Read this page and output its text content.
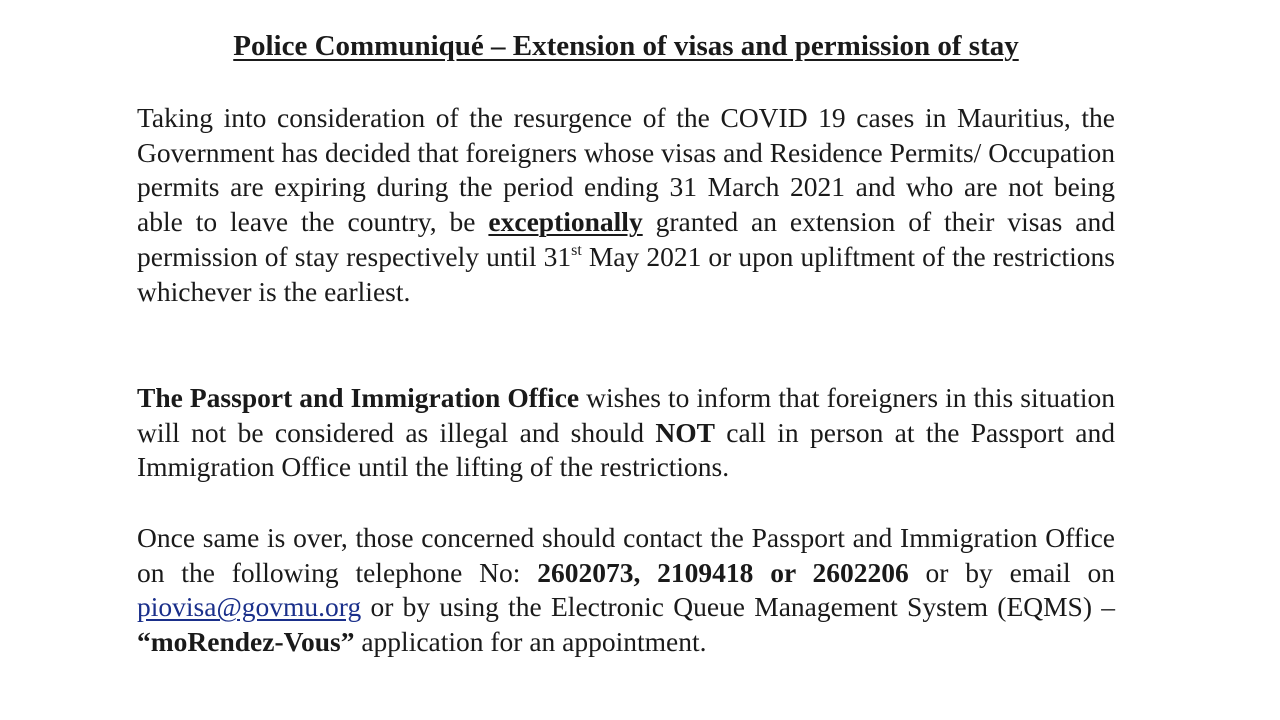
Police Communiqué – Extension of visas and permission of stay

Taking into consideration of the resurgence of the COVID 19 cases in Mauritius, the Government has decided that foreigners whose visas and Residence Permits/ Occupation permits are expiring during the period ending 31 March 2021 and who are not being able to leave the country, be exceptionally granted an extension of their visas and permission of stay respectively until 31st May 2021 or upon upliftment of the restrictions whichever is the earliest.

The Passport and Immigration Office wishes to inform that foreigners in this situation will not be considered as illegal and should NOT call in person at the Passport and Immigration Office until the lifting of the restrictions.

Once same is over, those concerned should contact the Passport and Immigration Office on the following telephone No: 2602073, 2109418 or 2602206 or by email on piovisa@govmu.org or by using the Electronic Queue Management System (EQMS) – “moRendez-Vous” application for an appointment.
